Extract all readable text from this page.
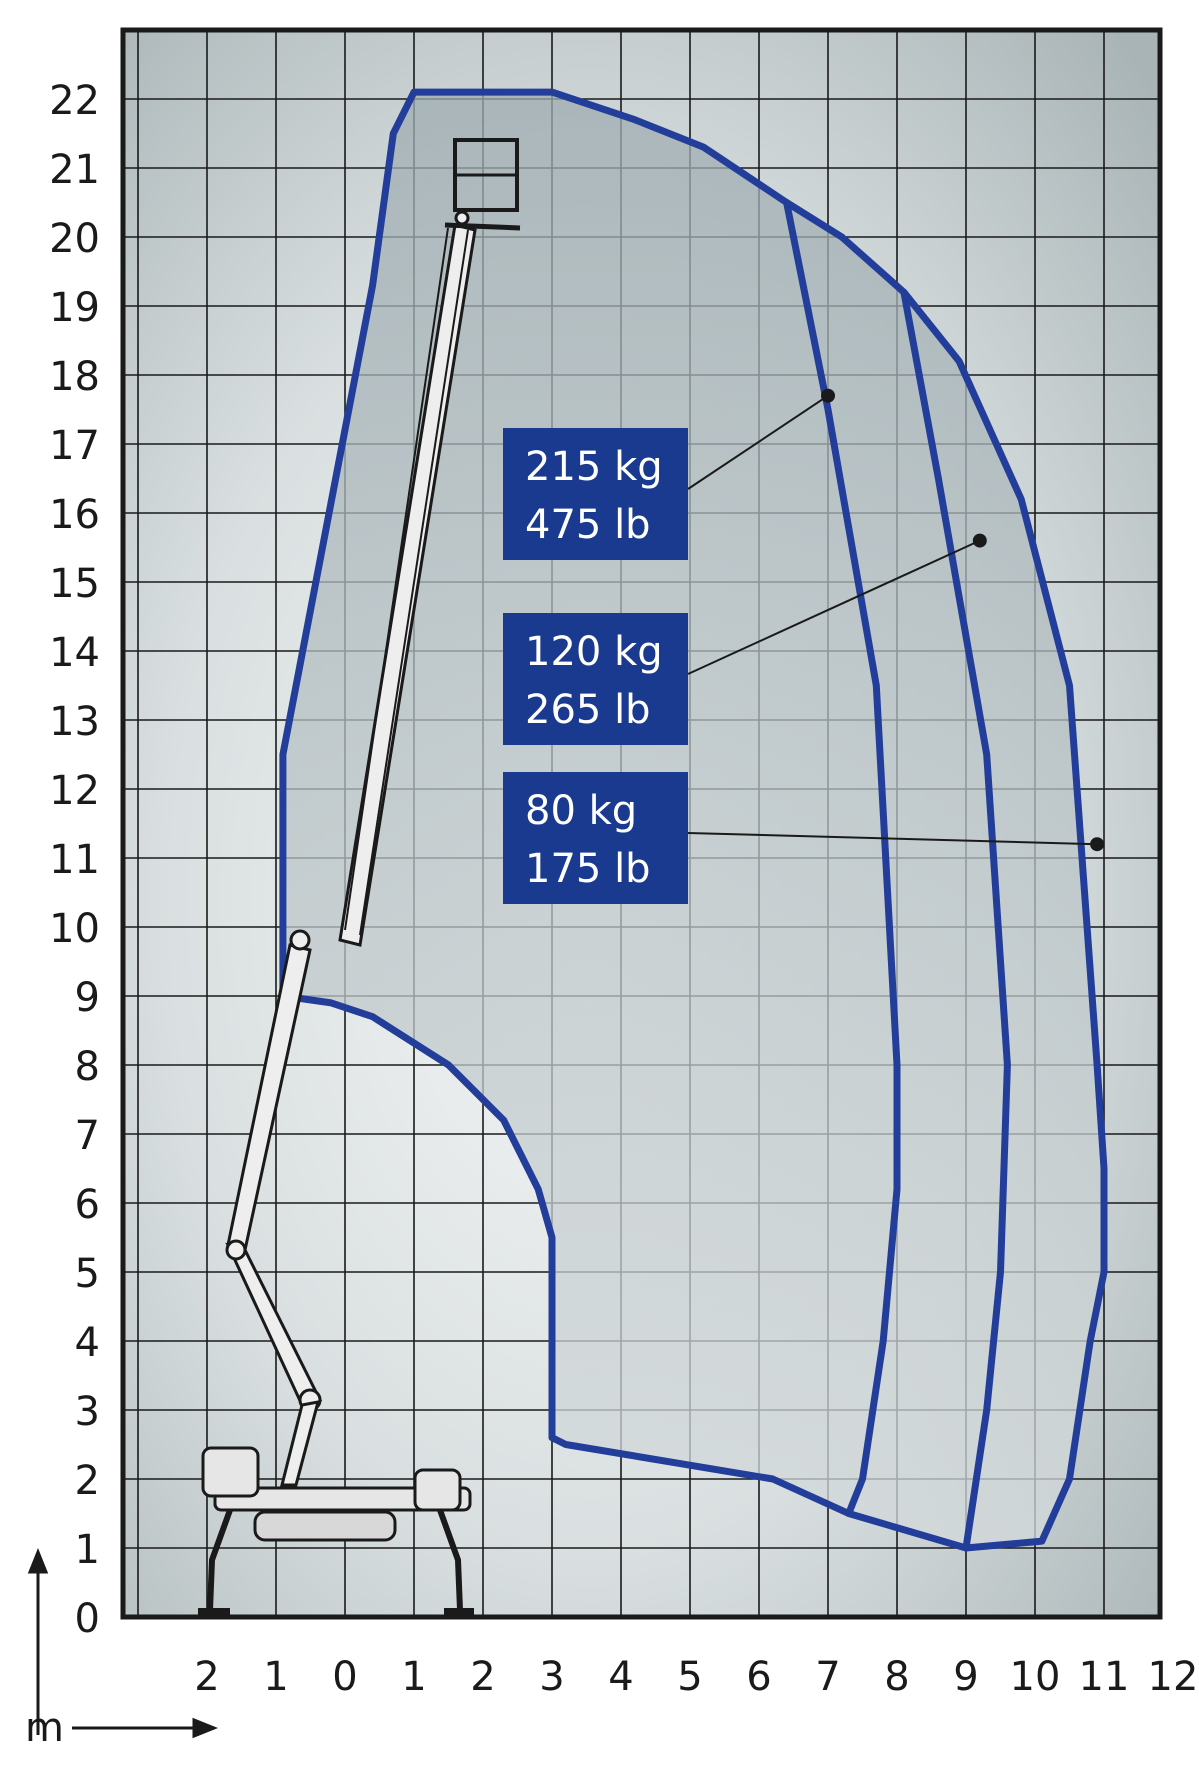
215 kg
475 lb
120 kg
265 lb
80 kg
175 lb
0
1
2
3
4
5
6
7
8
9
10
11
12
13
14
15
16
17
18
19
20
21
22
2 1 0 1 2 3 4 5 6 7 8 9 10 11 12
m
